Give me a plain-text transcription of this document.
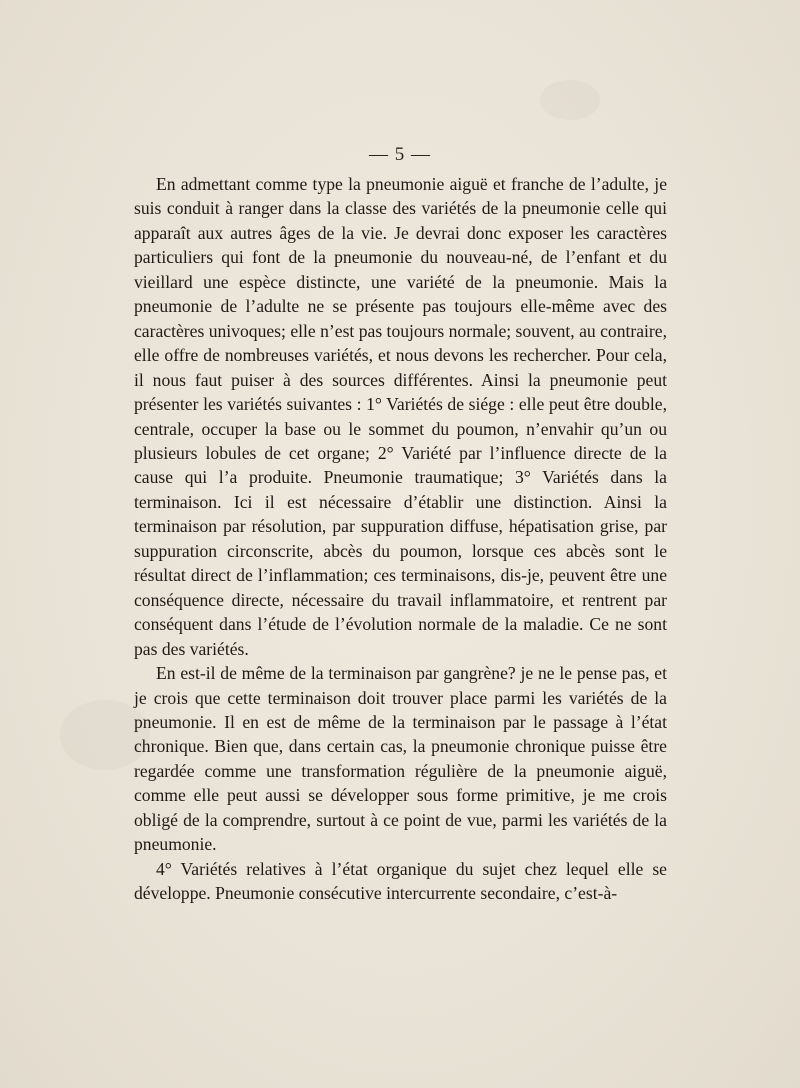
— 5 —

En admettant comme type la pneumonie aiguë et franche de l’adulte, je suis conduit à ranger dans la classe des variétés de la pneumonie celle qui apparaît aux autres âges de la vie. Je devrai donc exposer les caractères particuliers qui font de la pneumonie du nouveau-né, de l’enfant et du vieillard une espèce distincte, une variété de la pneumonie. Mais la pneumonie de l’adulte ne se présente pas toujours elle-même avec des caractères univoques; elle n’est pas toujours normale; souvent, au contraire, elle offre de nombreuses variétés, et nous devons les rechercher. Pour cela, il nous faut puiser à des sources différentes. Ainsi la pneumonie peut présenter les variétés suivantes : 1° Variétés de siége : elle peut être double, centrale, occuper la base ou le sommet du poumon, n’envahir qu’un ou plusieurs lobules de cet organe; 2° Variété par l’influence directe de la cause qui l’a produite. Pneumonie traumatique; 3° Variétés dans la terminaison. Ici il est nécessaire d’établir une distinction. Ainsi la terminaison par résolution, par suppuration diffuse, hépatisation grise, par suppuration circonscrite, abcès du poumon, lorsque ces abcès sont le résultat direct de l’inflammation; ces terminaisons, dis-je, peuvent être une conséquence directe, nécessaire du travail inflammatoire, et rentrent par conséquent dans l’étude de l’évolution normale de la maladie. Ce ne sont pas des variétés.

En est-il de même de la terminaison par gangrène? je ne le pense pas, et je crois que cette terminaison doit trouver place parmi les variétés de la pneumonie. Il en est de même de la terminaison par le passage à l’état chronique. Bien que, dans certain cas, la pneumonie chronique puisse être regardée comme une transformation régulière de la pneumonie aiguë, comme elle peut aussi se développer sous forme primitive, je me crois obligé de la comprendre, surtout à ce point de vue, parmi les variétés de la pneumonie.

4° Variétés relatives à l’état organique du sujet chez lequel elle se développe. Pneumonie consécutive intercurrente secondaire, c’est-à-
